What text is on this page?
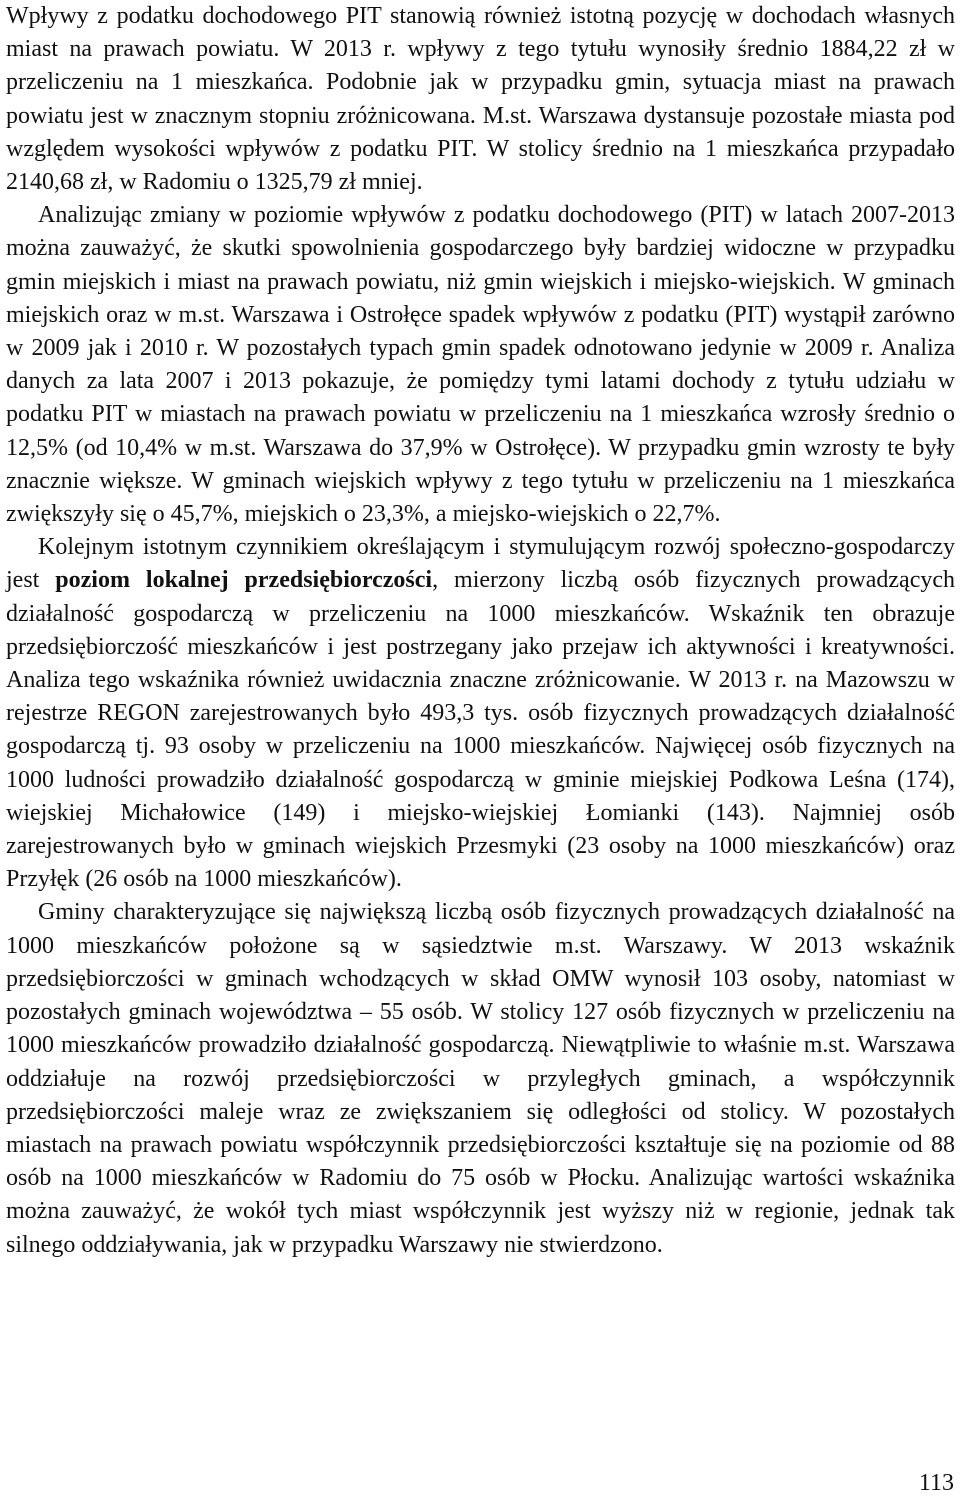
Wpływy z podatku dochodowego PIT stanowią również istotną pozycję w dochodach własnych miast na prawach powiatu. W 2013 r. wpływy z tego tytułu wynosiły średnio 1884,22 zł w przeliczeniu na 1 mieszkańca. Podobnie jak w przypadku gmin, sytuacja miast na prawach powiatu jest w znacznym stopniu zróżnicowana. M.st. Warszawa dystansuje pozostałe miasta pod względem wysokości wpływów z podatku PIT. W stolicy średnio na 1 mieszkańca przypadało 2140,68 zł, w Radomiu o 1325,79 zł mniej.

Analizując zmiany w poziomie wpływów z podatku dochodowego (PIT) w latach 2007-2013 można zauważyć, że skutki spowolnienia gospodarczego były bardziej widoczne w przypadku gmin miejskich i miast na prawach powiatu, niż gmin wiejskich i miejsko-wiejskich. W gminach miejskich oraz w m.st. Warszawa i Ostrołęce spadek wpływów z podatku (PIT) wystąpił zarówno w 2009 jak i 2010 r. W pozostałych typach gmin spadek odnotowano jedynie w 2009 r. Analiza danych za lata 2007 i 2013 pokazuje, że pomiędzy tymi latami dochody z tytułu udziału w podatku PIT w miastach na prawach powiatu w przeliczeniu na 1 mieszkańca wzrosły średnio o 12,5% (od 10,4% w m.st. Warszawa do 37,9% w Ostrołęce). W przypadku gmin wzrosty te były znacznie większe. W gminach wiejskich wpływy z tego tytułu w przeliczeniu na 1 mieszkańca zwiększyły się o 45,7%, miejskich o 23,3%, a miejsko-wiejskich o 22,7%.

Kolejnym istotnym czynnikiem określającym i stymulującym rozwój społeczno-gospodarczy jest poziom lokalnej przedsiębiorczości, mierzony liczbą osób fizycznych prowadzących działalność gospodarczą w przeliczeniu na 1000 mieszkańców. Wskaźnik ten obrazuje przedsiębiorczość mieszkańców i jest postrzegany jako przejaw ich aktywności i kreatywności. Analiza tego wskaźnika również uwidacznia znaczne zróżnicowanie. W 2013 r. na Mazowszu w rejestrze REGON zarejestrowanych było 493,3 tys. osób fizycznych prowadzących działalność gospodarczą tj. 93 osoby w przeliczeniu na 1000 mieszkańców. Najwięcej osób fizycznych na 1000 ludności prowadziło działalność gospodarczą w gminie miejskiej Podkowa Leśna (174), wiejskiej Michałowice (149) i miejsko-wiejskiej Łomianki (143). Najmniej osób zarejestrowanych było w gminach wiejskich Przesmyki (23 osoby na 1000 mieszkańców) oraz Przyłęk (26 osób na 1000 mieszkańców).

Gminy charakteryzujące się największą liczbą osób fizycznych prowadzących działalność na 1000 mieszkańców położone są w sąsiedztwie m.st. Warszawy. W 2013 wskaźnik przedsiębiorczości w gminach wchodzących w skład OMW wynosił 103 osoby, natomiast w pozostałych gminach województwa – 55 osób. W stolicy 127 osób fizycznych w przeliczeniu na 1000 mieszkańców prowadziło działalność gospodarczą. Niewątpliwie to właśnie m.st. Warszawa oddziałuje na rozwój przedsiębiorczości w przyległych gminach, a współczynnik przedsiębiorczości maleje wraz ze zwiększaniem się odległości od stolicy. W pozostałych miastach na prawach powiatu współczynnik przedsiębiorczości kształtuje się na poziomie od 88 osób na 1000 mieszkańców w Radomiu do 75 osób w Płocku. Analizując wartości wskaźnika można zauważyć, że wokół tych miast współczynnik jest wyższy niż w regionie, jednak tak silnego oddziaływania, jak w przypadku Warszawy nie stwierdzono.

113
